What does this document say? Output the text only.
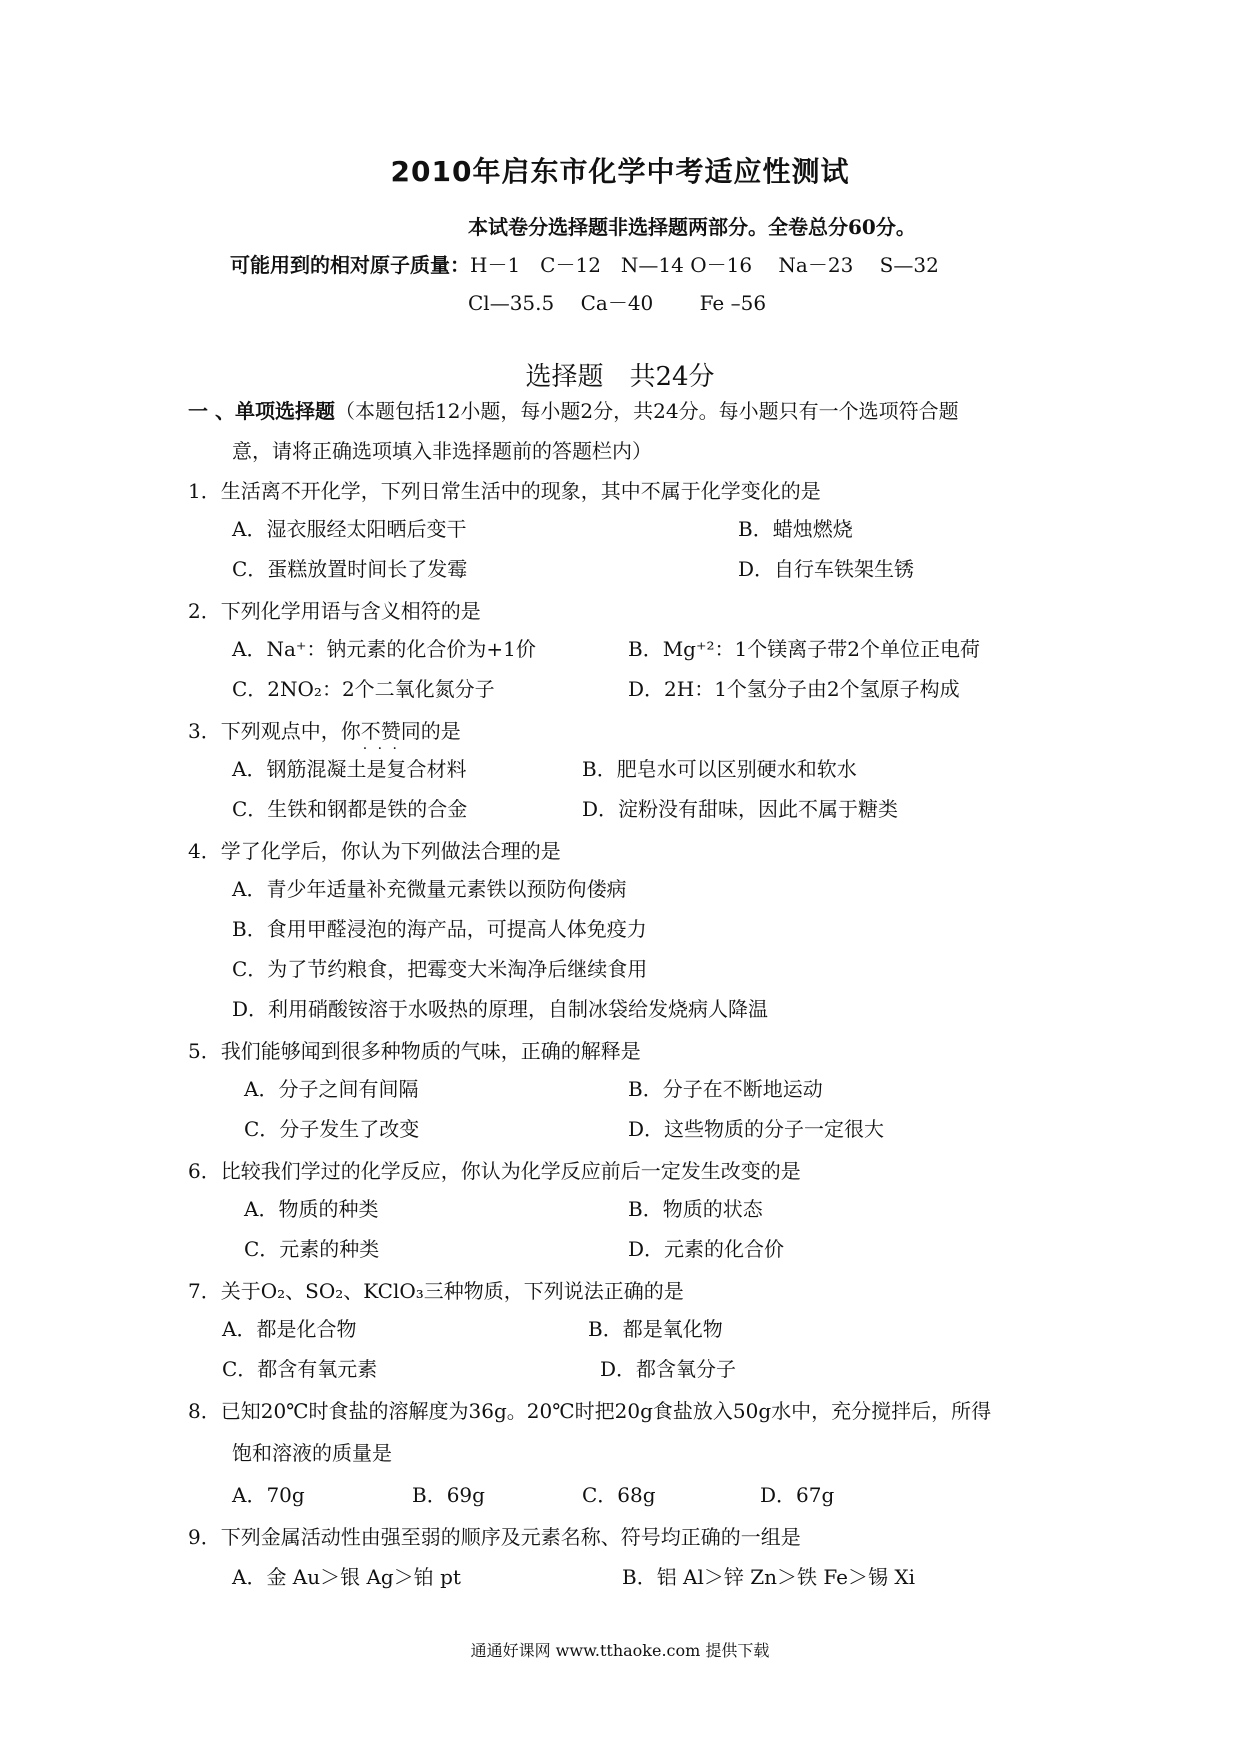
2010年启东市化学中考适应性测试
本试卷分选择题非选择题两部分。全卷总分60分。
可能用到的相对原子质量：H－1　C－12　N—14 O－16　 Na－23 　S—32
Cl—35.5　 Ca－40　　 Fe –56
选择题　共24分
一 、单项选择题（本题包括12小题，每小题2分，共24分。每小题只有一个选项符合题
意，请将正确选项填入非选择题前的答题栏内）
1．生活离不开化学，下列日常生活中的现象，其中不属于化学变化的是
A．湿衣服经太阳晒后变干	B．蜡烛燃烧
C．蛋糕放置时间长了发霉	D．自行车铁架生锈
2．下列化学用语与含义相符的是
A．Na⁺：钠元素的化合价为+1价	B．Mg⁺²：1个镁离子带2个单位正电荷
C．2NO₂：2个二氧化氮分子	D．2H：1个氢分子由2个氢原子构成
3．下列观点中，你不赞同 · · ·的是
A．钢筋混凝土是复合材料	B．肥皂水可以区别硬水和软水
C．生铁和钢都是铁的合金	D．淀粉没有甜味，因此不属于糖类
4．学了化学后，你认为下列做法合理的是
A．青少年适量补充微量元素铁以预防佝偻病
B．食用甲醛浸泡的海产品，可提高人体免疫力
C．为了节约粮食，把霉变大米淘净后继续食用
D．利用硝酸铵溶于水吸热的原理，自制冰袋给发烧病人降温
5．我们能够闻到很多种物质的气味，正确的解释是
A．分子之间有间隔	B．分子在不断地运动
C．分子发生了改变	D．这些物质的分子一定很大
6．比较我们学过的化学反应，你认为化学反应前后一定发生改变的是
A．物质的种类	B．物质的状态
C．元素的种类	D．元素的化合价
7．关于O₂、SO₂、KClO₃三种物质，下列说法正确的是
A．都是化合物	B．都是氧化物
C．都含有氧元素	D．都含氧分子
8．已知20℃时食盐的溶解度为36g。20℃时把20g食盐放入50g水中，充分搅拌后，所得
饱和溶液的质量是
A．70g	B．69g	C．68g	D．67g
9．下列金属活动性由强至弱的顺序及元素名称、符号均正确的一组是
A．金 Au＞银 Ag＞铂 pt	B．铝 Al＞锌 Zn＞铁 Fe＞锡 Xi
通通好课网 www.tthaoke.com 提供下载
